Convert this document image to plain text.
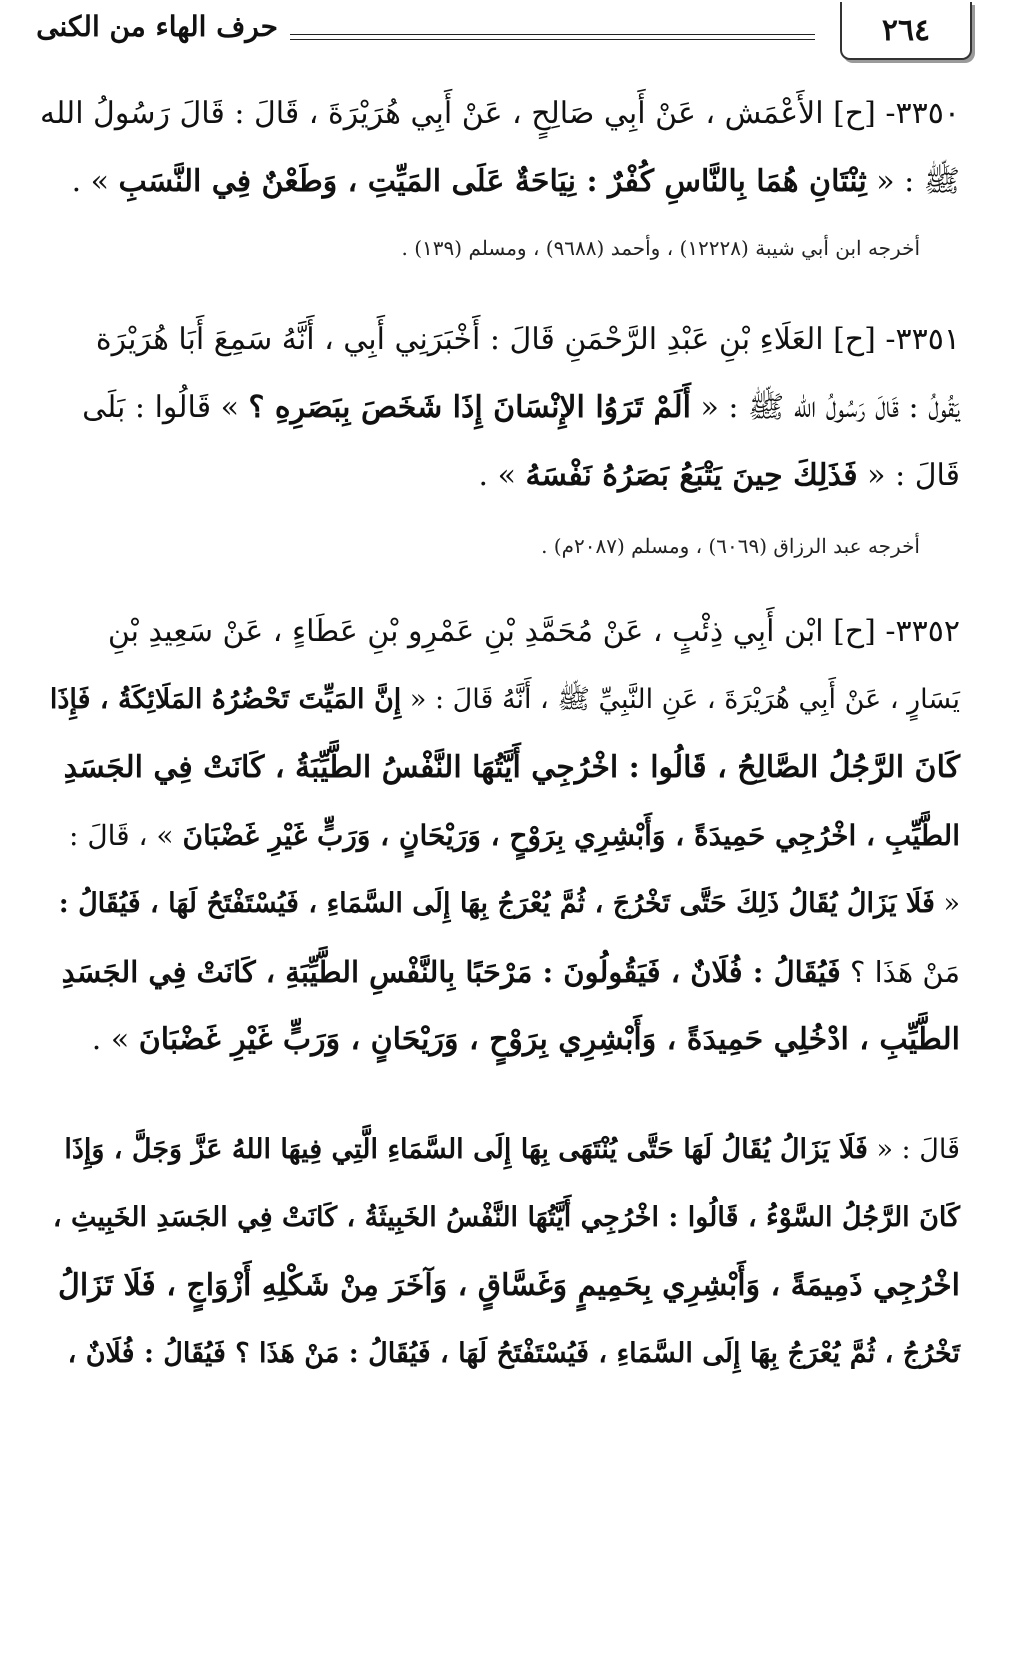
٢٦٤
حرف الهاء من الكنى
٣٣٥٠- [ح] الأَعْمَش ، عَنْ أَبِي صَالِحٍ ، عَنْ أَبِي هُرَيْرَةَ ، قَالَ : قَالَ رَسُولُ الله
ﷺ : « ثِنْتَانِ هُمَا بِالنَّاسِ كُفْرٌ : نِيَاحَةٌ عَلَى المَيِّتِ ، وَطَعْنٌ فِي النَّسَبِ » .
أخرجه ابن أبي شيبة (١٢٢٢٨) ، وأحمد (٩٦٨٨) ، ومسلم (١٣٩) .
٣٣٥١- [ح] العَلَاءِ بْنِ عَبْدِ الرَّحْمَنِ قَالَ : أَخْبَرَنِي أَبِي ، أَنَّهُ سَمِعَ أَبَا هُرَيْرَة
يَقُولُ : قَالَ رَسُولُ الله ﷺ : « أَلَمْ تَرَوُا الإِنْسَانَ إِذَا شَخَصَ بِبَصَرِهِ ؟ » قَالُوا : بَلَى
قَالَ : « فَذَلِكَ حِينَ يَتْبَعُ بَصَرُهُ نَفْسَهُ » .
أخرجه عبد الرزاق (٦٠٦٩) ، ومسلم (٢٠٨٧م) .
٣٣٥٢- [ح] ابْن أَبِي ذِئْبٍ ، عَنْ مُحَمَّدِ بْنِ عَمْرِو بْنِ عَطَاءٍ ، عَنْ سَعِيدِ بْنِ
يَسَارٍ ، عَنْ أَبِي هُرَيْرَةَ ، عَنِ النَّبِيِّ ﷺ ، أَنَّهُ قَالَ : « إِنَّ المَيِّتَ تَحْضُرُهُ المَلَائِكَةُ ، فَإِذَا
كَانَ الرَّجُلُ الصَّالِحُ ، قَالُوا : اخْرُجِي أَيَّتُهَا النَّفْسُ الطَّيِّبَةُ ، كَانَتْ فِي الجَسَدِ
الطَّيِّبِ ، اخْرُجِي حَمِيدَةً ، وَأَبْشِرِي بِرَوْحٍ ، وَرَيْحَانٍ ، وَرَبٍّ غَيْرِ غَضْبَانَ » ، قَالَ :
« فَلَا يَزَالُ يُقَالُ ذَلِكَ حَتَّى تَخْرُجَ ، ثُمَّ يُعْرَجُ بِهَا إِلَى السَّمَاءِ ، فَيُسْتَفْتَحُ لَهَا ، فَيُقَالُ :
مَنْ هَذَا ؟ فَيُقَالُ : فُلَانٌ ، فَيَقُولُونَ : مَرْحَبًا بِالنَّفْسِ الطَّيِّبَةِ ، كَانَتْ فِي الجَسَدِ
الطَّيِّبِ ، ادْخُلِي حَمِيدَةً ، وَأَبْشِرِي بِرَوْحٍ ، وَرَيْحَانٍ ، وَرَبٍّ غَيْرِ غَضْبَانَ » .
قَالَ : « فَلَا يَزَالُ يُقَالُ لَهَا حَتَّى يُنْتَهَى بِهَا إِلَى السَّمَاءِ الَّتِي فِيهَا اللهُ عَزَّ وَجَلَّ ، وَإِذَا
كَانَ الرَّجُلُ السَّوْءُ ، قَالُوا : اخْرُجِي أَيَّتُهَا النَّفْسُ الخَبِيثَةُ ، كَانَتْ فِي الجَسَدِ الخَبِيثِ ،
اخْرُجِي ذَمِيمَةً ، وَأَبْشِرِي بِحَمِيمٍ وَغَسَّاقٍ ، وَآخَرَ مِنْ شَكْلِهِ أَزْوَاجٍ ، فَلَا تَزَالُ
تَخْرُجُ ، ثُمَّ يُعْرَجُ بِهَا إِلَى السَّمَاءِ ، فَيُسْتَفْتَحُ لَهَا ، فَيُقَالُ : مَنْ هَذَا ؟ فَيُقَالُ : فُلَانٌ ،
